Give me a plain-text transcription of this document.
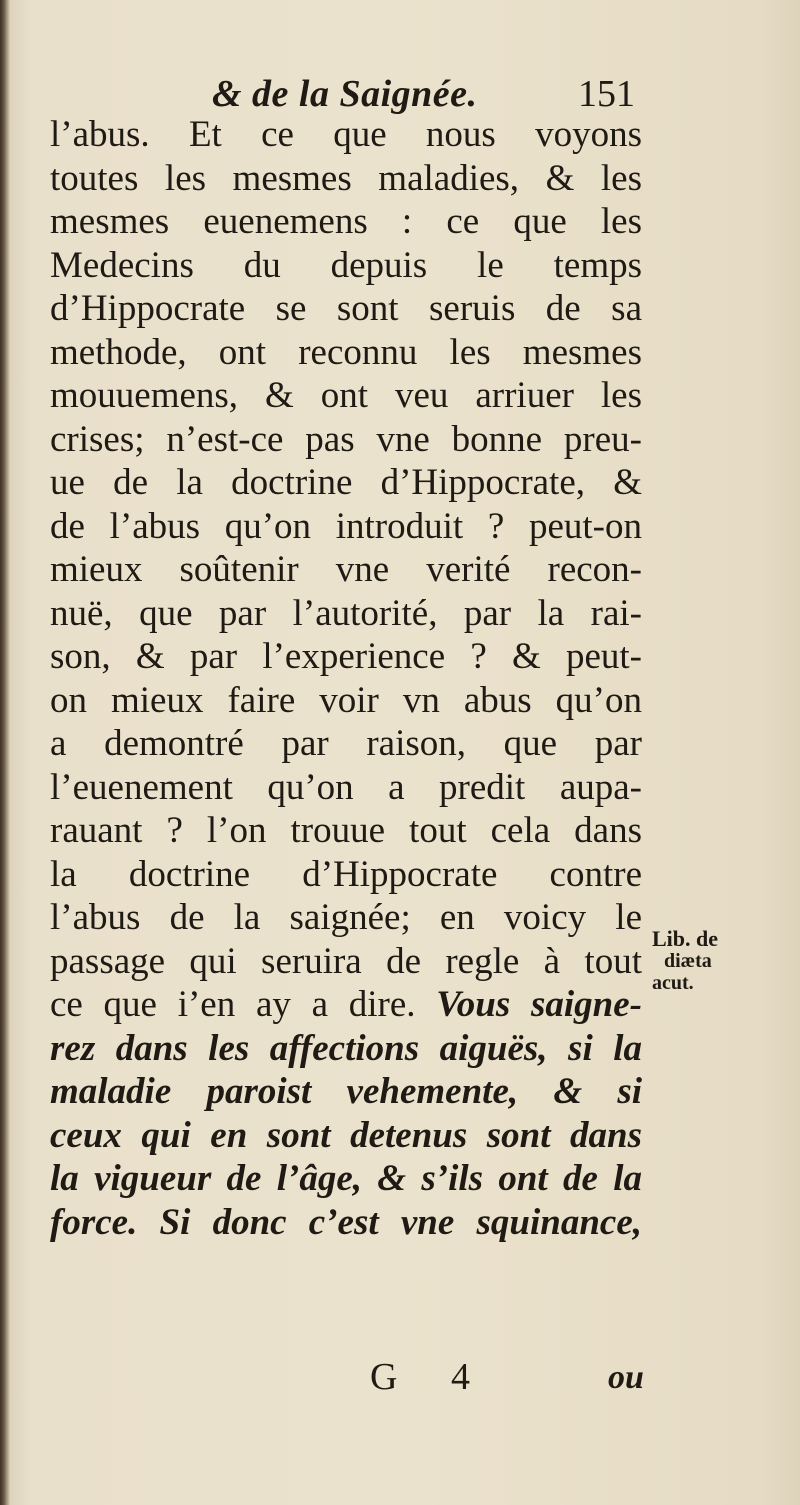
& de la Saignée.	151
l’abus. Et ce que nous voyons
toutes les mesmes maladies, & les
mesmes euenemens : ce que les
Medecins du depuis le temps
d’Hippocrate se sont seruis de sa
methode, ont reconnu les mesmes
mouuemens, & ont veu arriuer les
crises; n’est-ce pas vne bonne preu-
ue de la doctrine d’Hippocrate, &
de l’abus qu’on introduit ? peut-on
mieux soûtenir vne verité recon-
nuë, que par l’autorité, par la rai-
son, & par l’experience ? & peut-
on mieux faire voir vn abus qu’on
a demontré par raison, que par
l’euenement qu’on a predit aupa-
rauant ? l’on trouue tout cela dans
la doctrine d’Hippocrate contre
l’abus de la saignée; en voicy le
passage qui seruira de regle à tout
ce que i’en ay a dire. Vous saigne-
rez dans les affections aiguës, si la
maladie paroist vehemente, & si
ceux qui en sont detenus sont dans
la vigueur de l’âge, & s’ils ont de la
force. Si donc c’est vne squinance,
Lib. de
diæta
acut.
G 4	ou
